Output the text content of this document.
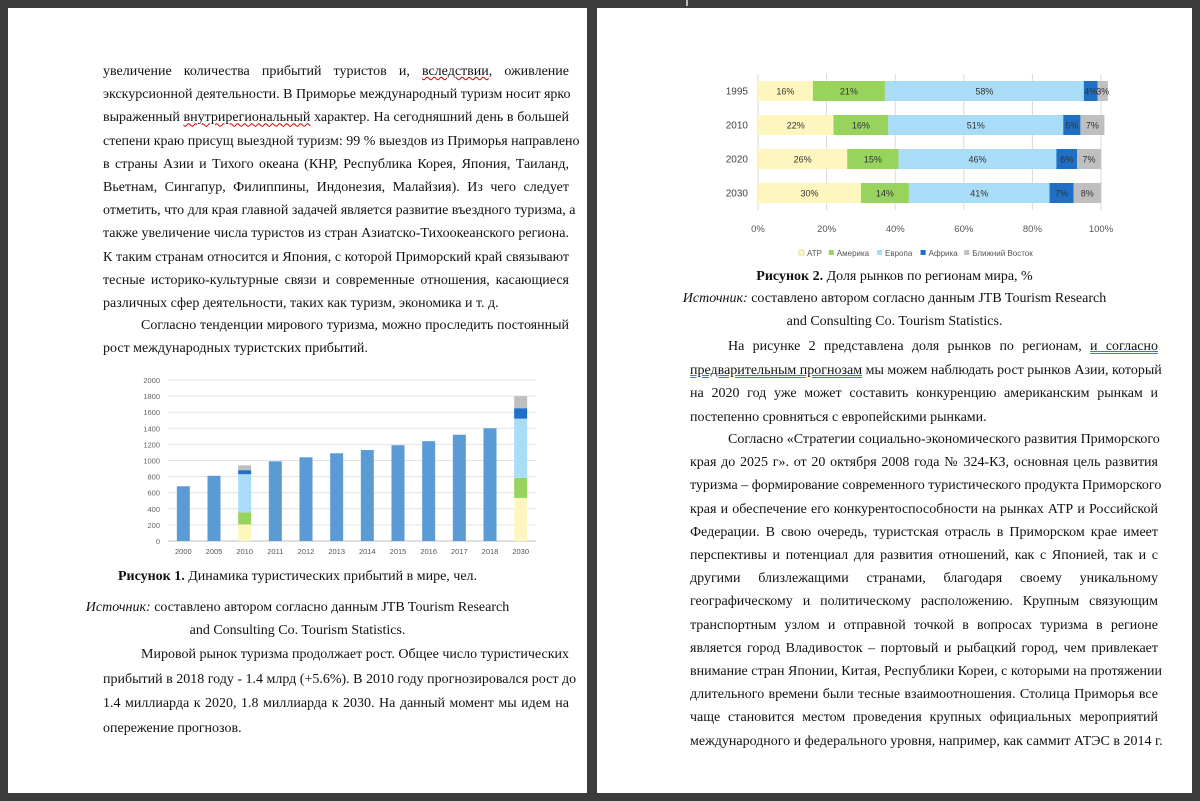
увеличение количества прибытий туристов и, вследствии, оживление
экскурсионной деятельности. В Приморье международный туризм носит ярко
выраженный внутрирегиональный характер. На сегодняшний день в большей
степени краю присущ выездной туризм: 99 % выездов из Приморья направлено
в страны Азии и Тихого океана (КНР, Республика Корея, Япония, Таиланд,
Вьетнам, Сингапур, Филиппины, Индонезия, Малайзия). Из чего следует
отметить, что для края главной задачей является развитие въездного туризма, а
также увеличение числа туристов из стран Азиатско-Тихоокеанского региона.
К таким странам относится и Япония, с которой Приморский край связывают
тесные историко-культурные связи и современные отношения, касающиеся
различных сфер деятельности, таких как туризм, экономика и т. д.
Согласно тенденции мирового туризма, можно проследить постоянный
рост международных туристских прибытий.
0
200
400
600
800
1000
1200
1400
1600
1800
2000
2000 2005 2010 2011 2012 2013 2014 2015 2016 2017 2018 2030
Рисунок 1. Динамика туристических прибытий в мире, чел.
Источник: составлено автором согласно данным JTB Tourism Research
and Consulting Co. Tourism Statistics.
Мировой рынок туризма продолжает рост. Общее число туристических
прибытий в 2018 году - 1.4 млрд (+5.6%). В 2010 году прогнозировался рост до
1.4 миллиарда к 2020, 1.8 миллиарда к 2030. На данный момент мы идем на
опережение прогнозов.
0%	20%	40%	60%	80%	100%
1995	16%	21%	58%	4%
3%
2010	22%	16%	51%	5% 7%
2020	26%	15%	46%	6% 7%
2030	30%	14%	41%	7% 8%
АТР Америка Европа Африка Ближний Восток
Рисунок 2. Доля рынков по регионам мира, %
Источник: составлено автором согласно данным JTB Tourism Research
and Consulting Co. Tourism Statistics.
На рисунке 2 представлена доля рынков по регионам, и согласно
предварительным прогнозам мы можем наблюдать рост рынков Азии, который
на 2020 год уже может составить конкуренцию американским рынкам и
постепенно сровняться с европейскими рынками.
Согласно «Стратегии социально-экономического развития Приморского
края до 2025 г». от 20 октября 2008 года № 324-КЗ, основная цель развития
туризма – формирование современного туристического продукта Приморского
края и обеспечение его конкурентоспособности на рынках АТР и Российской
Федерации. В свою очередь, туристская отрасль в Приморском крае имеет
перспективы и потенциал для развития отношений, как с Японией, так и с
другими близлежащими странами, благодаря своему уникальному
географическому и политическому расположению. Крупным связующим
транспортным узлом и отправной точкой в вопросах туризма в регионе
является город Владивосток – портовый и рыбацкий город, чем привлекает
внимание стран Японии, Китая, Республики Кореи, с которыми на протяжении
длительного времени были тесные взаимоотношения. Столица Приморья все
чаще становится местом проведения крупных официальных мероприятий
международного и федерального уровня, например, как саммит АТЭС в 2014 г.
